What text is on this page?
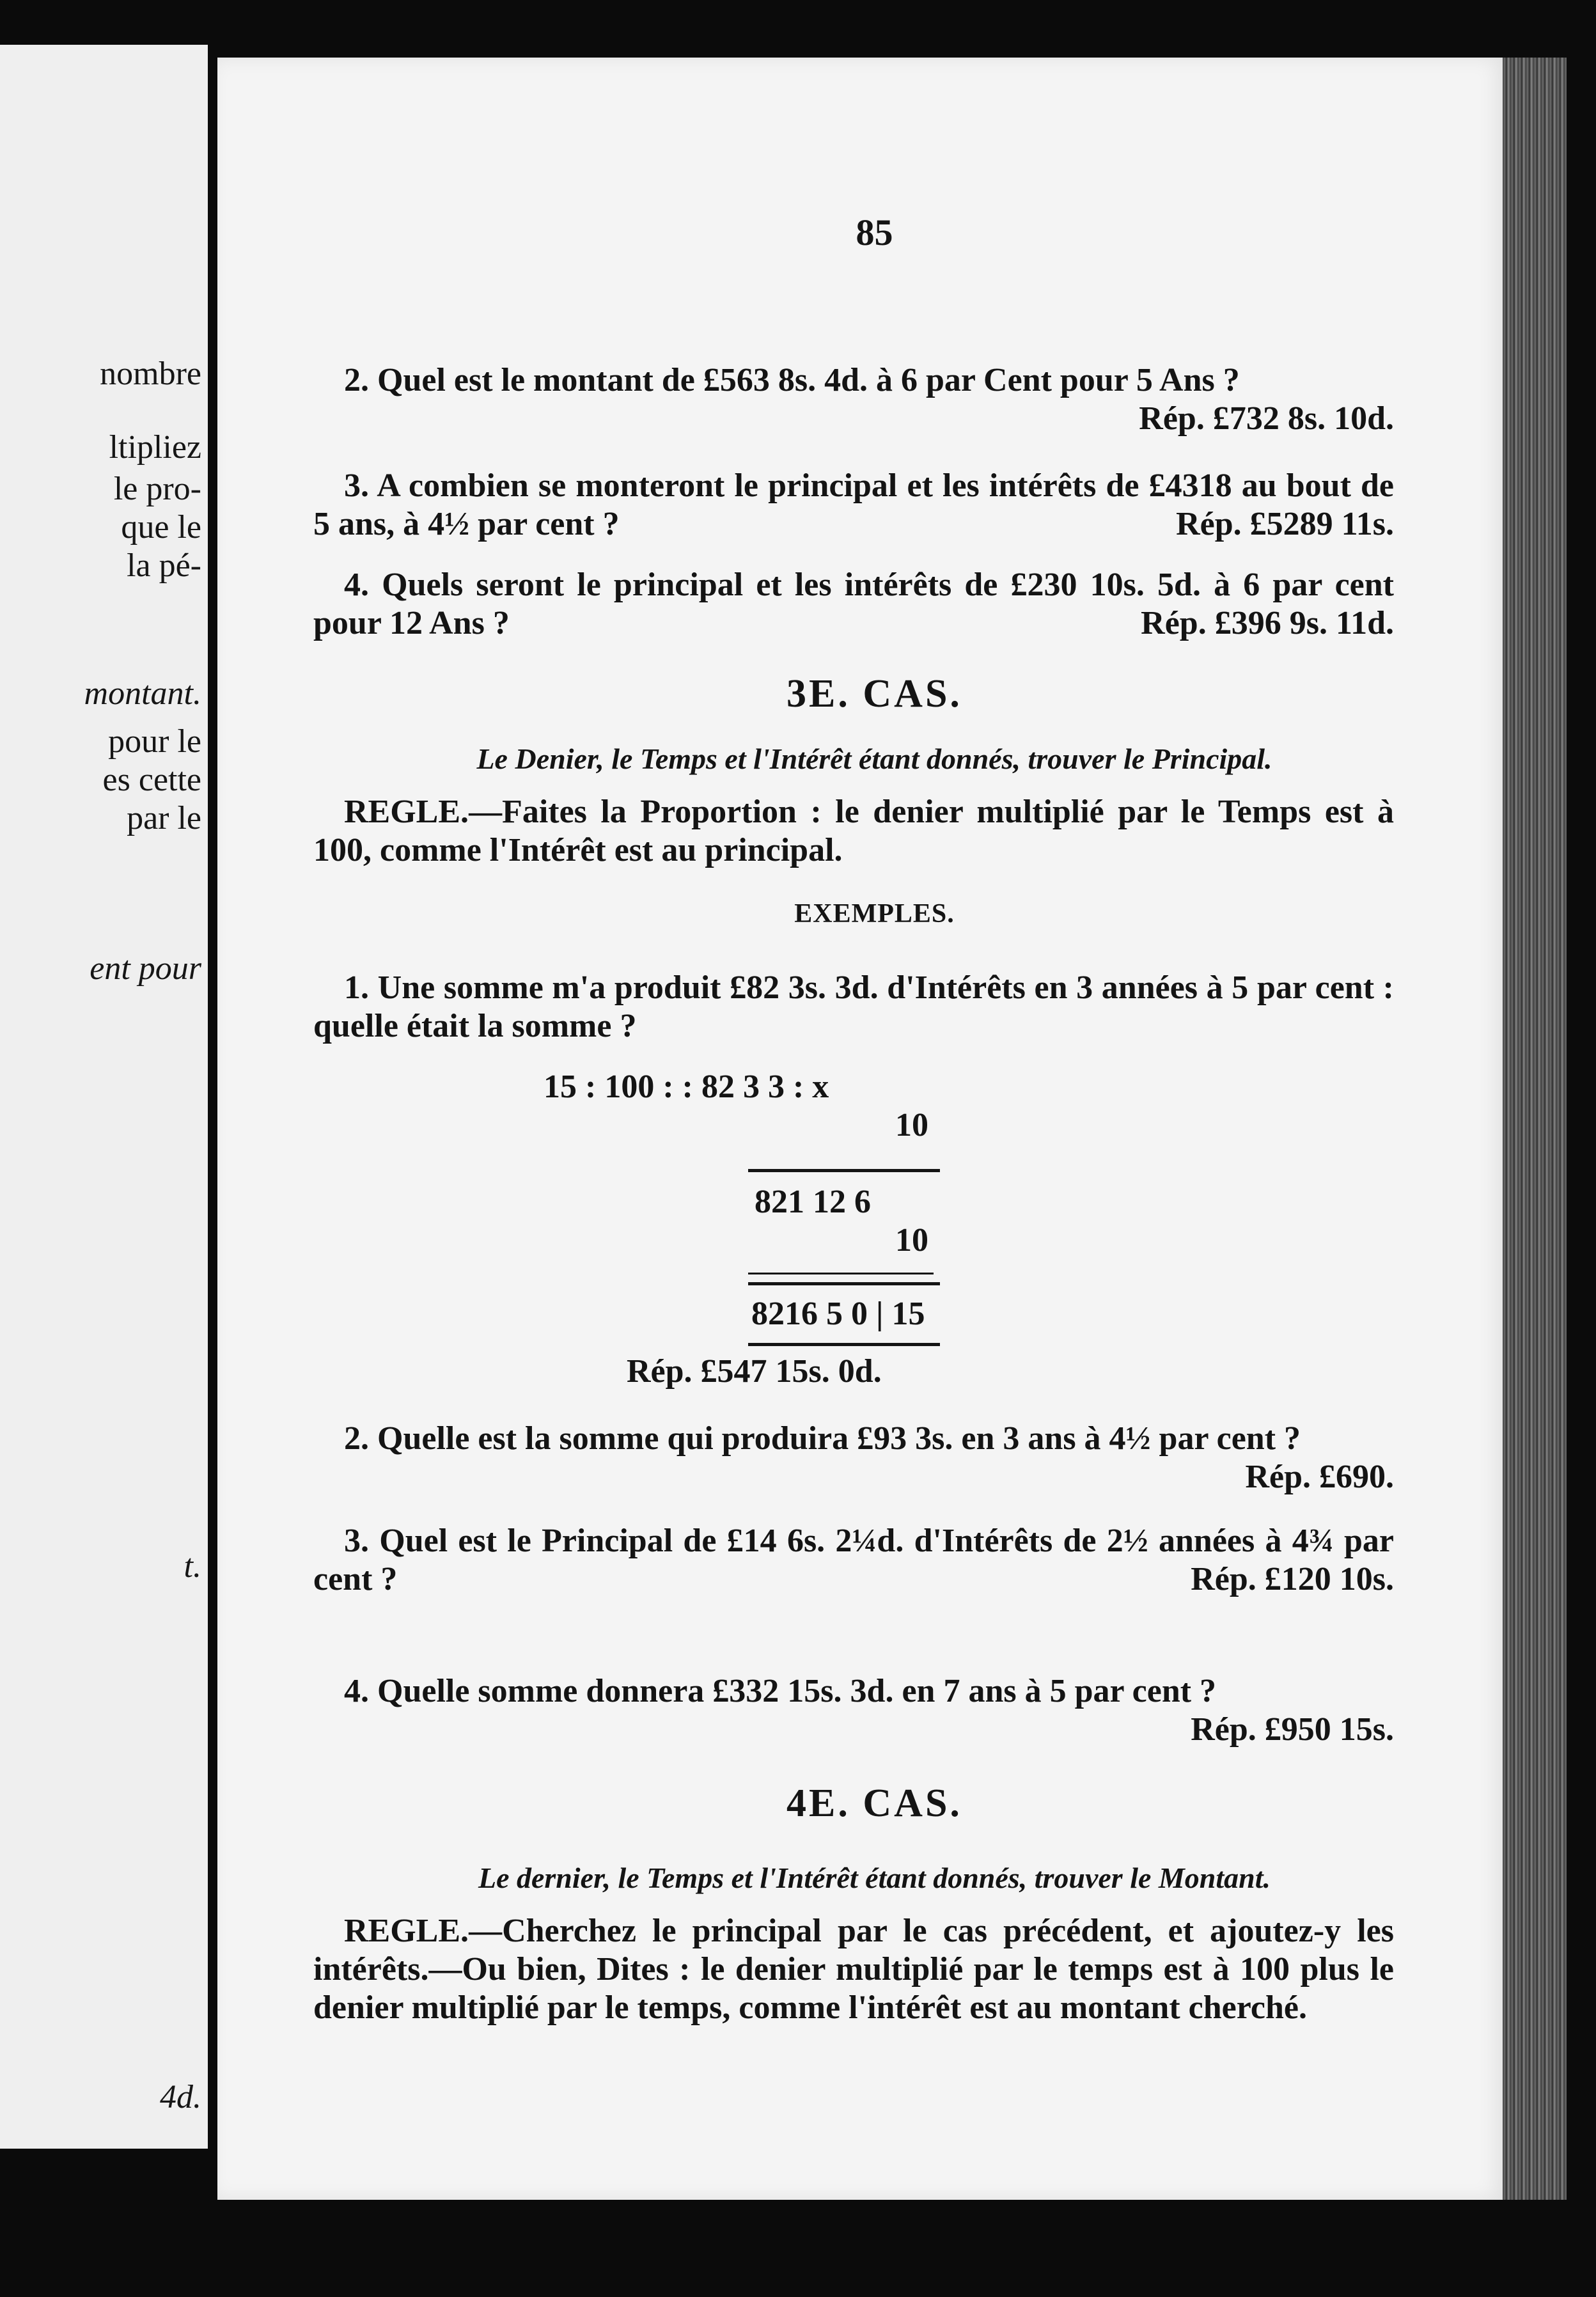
nombre
ltipliez
le pro-
que le
la pé-
montant.
pour le
es cette
par le
ent pour
t.
4d.
85
2. Quel est le montant de £563 8s. 4d. à 6 par Cent pour 5 Ans ?
Rép. £732 8s. 10d.
3. A combien se monteront le principal et les intérêts de £4318 au bout de 5 ans, à 4½ par cent ?	Rép. £5289 11s.
4. Quels seront le principal et les intérêts de £230 10s. 5d. à 6 par cent pour 12 Ans ?	Rép. £396 9s. 11d.
3E. CAS.
Le Denier, le Temps et l'Intérêt étant donnés, trouver le Principal.
REGLE.—Faites la Proportion : le denier multiplié par le Temps est à 100, comme l'Intérêt est au principal.
EXEMPLES.
1. Une somme m'a produit £82 3s. 3d. d'Intérêts en 3 années à 5 par cent : quelle était la somme ?
15 : 100 : : 82 3 3 : x
10
821 12 6
10
8216 5 0 | 15
Rép. £547 15s. 0d.
2. Quelle est la somme qui produira £93 3s. en 3 ans à 4½ par cent ?
Rép. £690.
3. Quel est le Principal de £14 6s. 2¼d. d'Intérêts de 2½ années à 4¾ par cent ?	Rép. £120 10s.
4. Quelle somme donnera £332 15s. 3d. en 7 ans à 5 par cent ?
Rép. £950 15s.
4E. CAS.
Le dernier, le Temps et l'Intérêt étant donnés, trouver le Montant.
REGLE.—Cherchez le principal par le cas précédent, et ajoutez-y les intérêts.—Ou bien, Dites : le denier multiplié par le temps est à 100 plus le denier multiplié par le temps, comme l'intérêt est au montant cherché.
